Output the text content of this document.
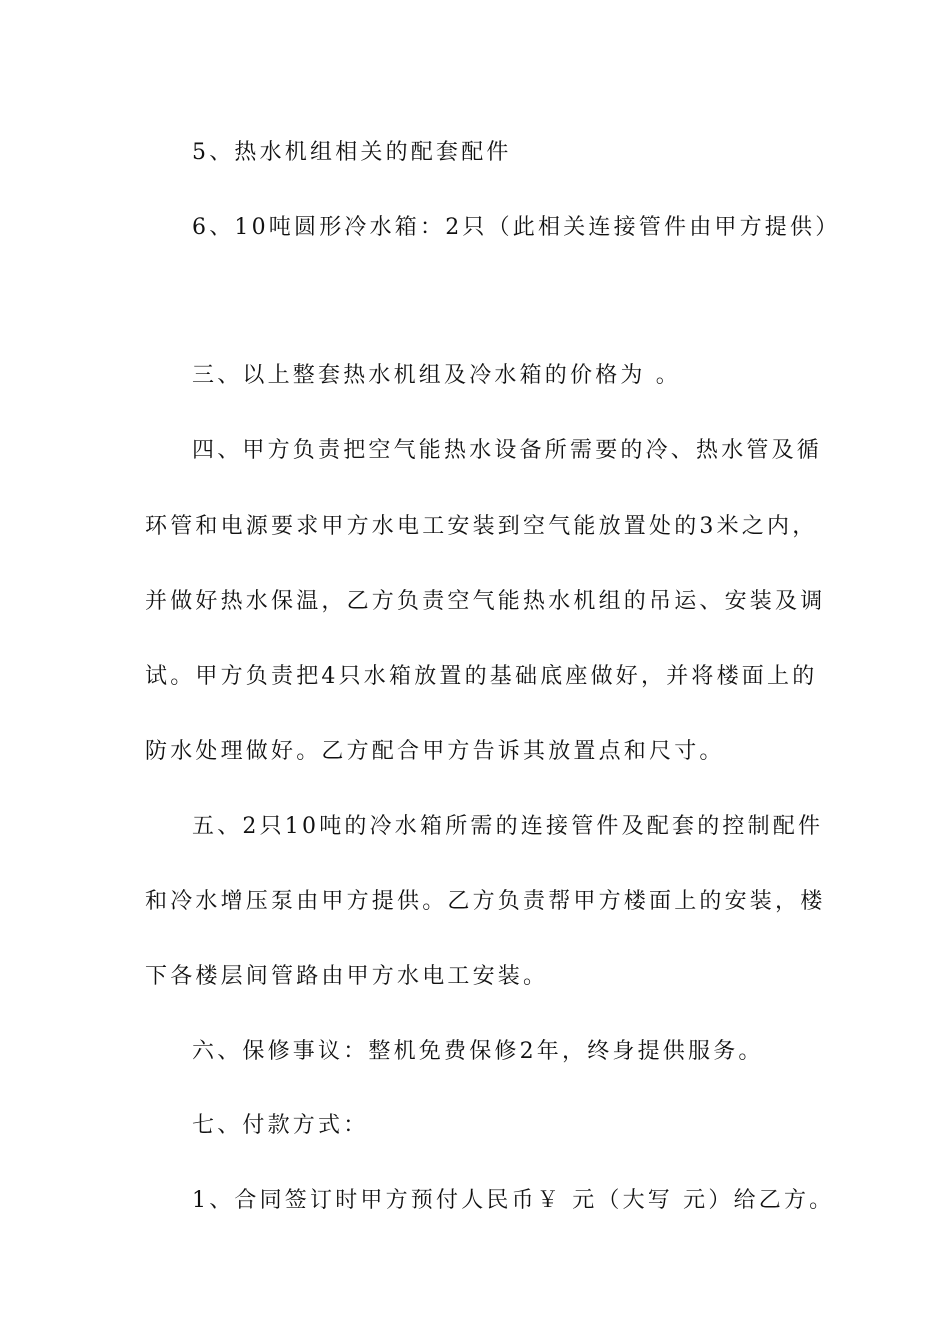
5、热水机组相关的配套配件
6、10吨圆形冷水箱：2只（此相关连接管件由甲方提供）
三、以上整套热水机组及冷水箱的价格为 。
四、甲方负责把空气能热水设备所需要的冷、热水管及循
环管和电源要求甲方水电工安装到空气能放置处的3米之内，
并做好热水保温，乙方负责空气能热水机组的吊运、安装及调
试。甲方负责把4只水箱放置的基础底座做好，并将楼面上的
防水处理做好。乙方配合甲方告诉其放置点和尺寸。
五、2只10吨的冷水箱所需的连接管件及配套的控制配件
和冷水增压泵由甲方提供。乙方负责帮甲方楼面上的安装，楼
下各楼层间管路由甲方水电工安装。
六、保修事议：整机免费保修2年，终身提供服务。
七、付款方式：
1、合同签订时甲方预付人民币￥ 元（大写 元）给乙方。
